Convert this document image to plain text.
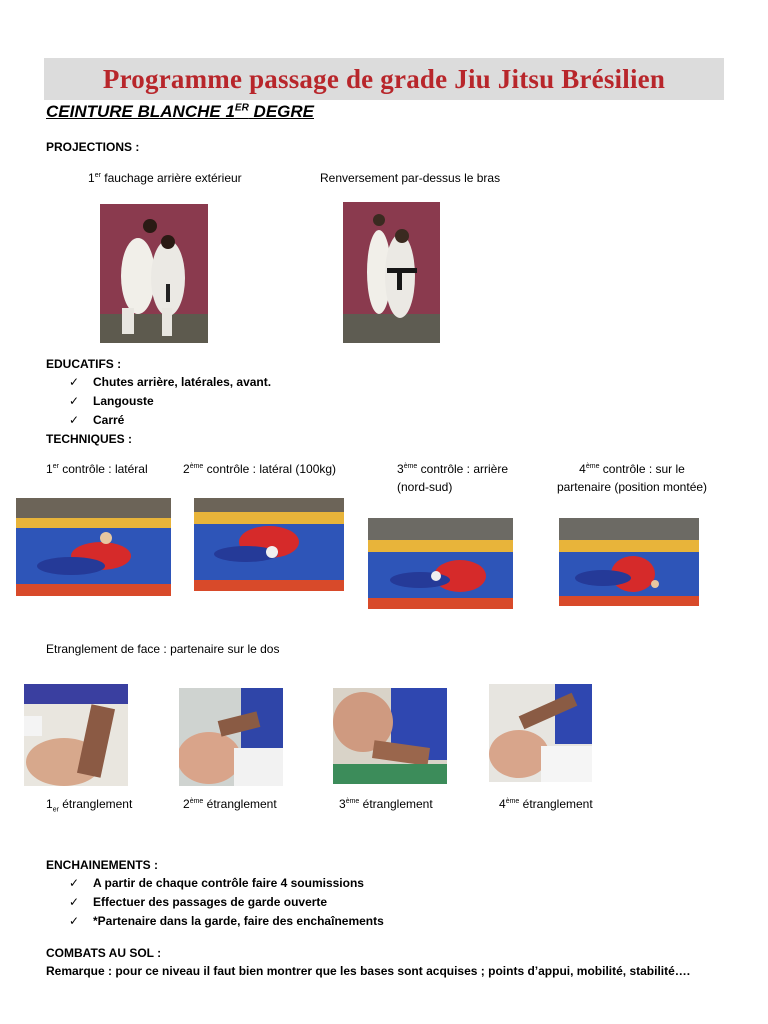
Programme passage de grade Jiu Jitsu Brésilien
CEINTURE BLANCHE 1ER DEGRE
PROJECTIONS :
1er fauchage arrière extérieur	Renversement par-dessus le bras
EDUCATIFS :
✓ Chutes arrière, latérales, avant.
✓ Langouste
✓ Carré
TECHNIQUES :
1er contrôle : latéral	2ème contrôle : latéral (100kg)	3ème contrôle : arrière
(nord-sud)
4ème contrôle : sur le
partenaire (position montée)
Etranglement de face : partenaire sur le dos
$1_{er}$ étranglement	2ème étranglement	3ème étranglement	4ème étranglement
ENCHAINEMENTS :
✓ A partir de chaque contrôle faire 4 soumissions
✓ Effectuer des passages de garde ouverte
✓ *Partenaire dans la garde, faire des enchaînements
COMBATS AU SOL :
Remarque : pour ce niveau il faut bien montrer que les bases sont acquises ; points d’appui, mobilité, stabilité….
